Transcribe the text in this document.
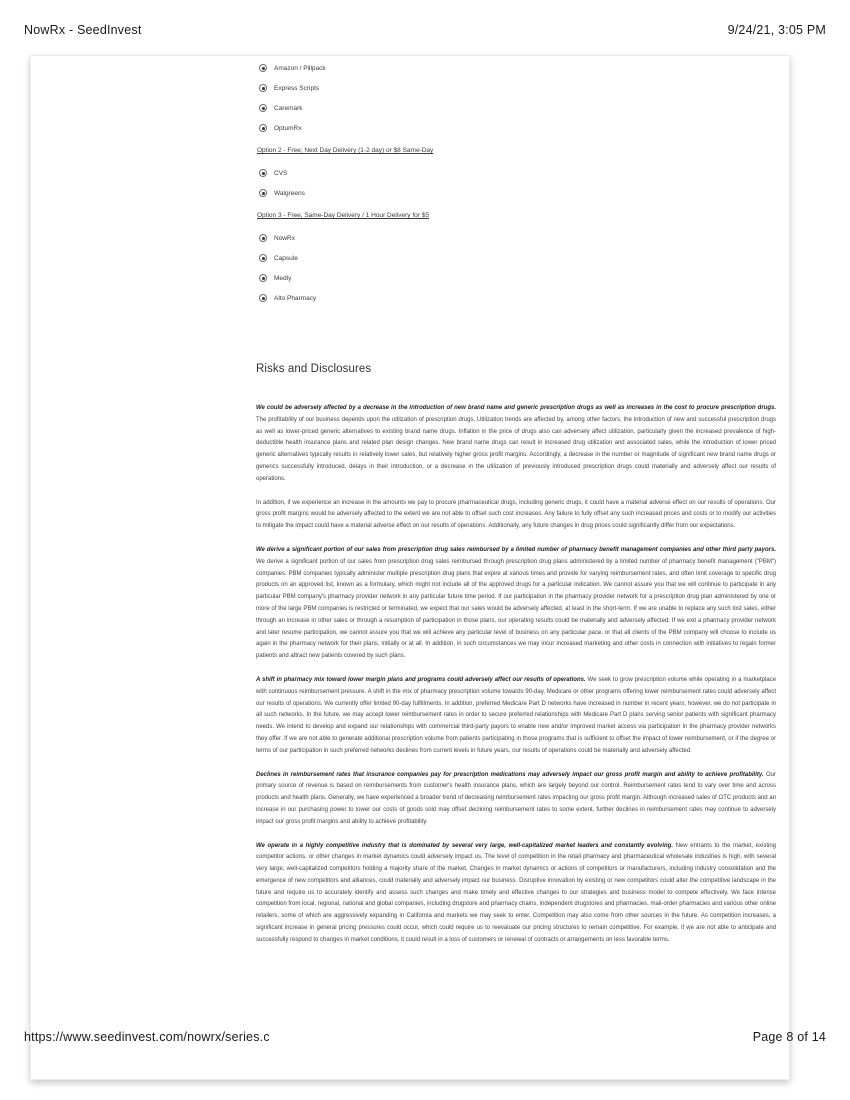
NowRx - SeedInvest	9/24/21, 3:05 PM
Amazon / Pillpack
Express Scripts
Caremark
OptumRx
Option 2 - Free; Next Day Delivery (1-2 day) or $8 Same-Day
CVS
Walgreens
Option 3 - Free, Same-Day Delivery / 1 Hour Delivery for $5
NowRx
Capsule
Medly
Alto Pharmacy
Risks and Disclosures

We could be adversely affected by a decrease in the introduction of new brand name and generic prescription drugs as well as increases in the cost to procure prescription drugs. The profitability of our business depends upon the utilization of prescription drugs. Utilization trends are affected by, among other factors, the introduction of new and successful prescription drugs as well as lower-priced generic alternatives to existing brand name drugs. Inflation in the price of drugs also can adversely affect utilization, particularly given the increased prevalence of high-deductible health insurance plans and related plan design changes. New brand name drugs can result in increased drug utilization and associated sales, while the introduction of lower priced generic alternatives typically results in relatively lower sales, but relatively higher gross profit margins. Accordingly, a decrease in the number or magnitude of significant new brand name drugs or generics successfully introduced, delays in their introduction, or a decrease in the utilization of previously introduced prescription drugs could materially and adversely affect our results of operations.

In addition, if we experience an increase in the amounts we pay to procure pharmaceutical drugs, including generic drugs, it could have a material adverse effect on our results of operations. Our gross profit margins would be adversely affected to the extent we are not able to offset such cost increases. Any failure to fully offset any such increased prices and costs or to modify our activities to mitigate the impact could have a material adverse effect on our results of operations. Additionally, any future changes in drug prices could significantly differ from our expectations.

We derive a significant portion of our sales from prescription drug sales reimbursed by a limited number of pharmacy benefit management companies and other third party payors. We derive a significant portion of our sales from prescription drug sales reimbursed through prescription drug plans administered by a limited number of pharmacy benefit management ("PBM") companies. PBM companies typically administer multiple prescription drug plans that expire at various times and provide for varying reimbursement rates, and often limit coverage to specific drug products on an approved list, known as a formulary, which might not include all of the approved drugs for a particular indication. We cannot assure you that we will continue to participate in any particular PBM company's pharmacy provider network in any particular future time period. If our participation in the pharmacy provider network for a prescription drug plan administered by one or more of the large PBM companies is restricted or terminated, we expect that our sales would be adversely affected, at least in the short-term. If we are unable to replace any such lost sales, either through an increase in other sales or through a resumption of participation in those plans, our operating results could be materially and adversely affected. If we exit a pharmacy provider network and later resume participation, we cannot assure you that we will achieve any particular level of business on any particular pace, or that all clients of the PBM company will choose to include us again in the pharmacy network for their plans, initially or at all. In addition, in such circumstances we may incur increased marketing and other costs in connection with initiatives to regain former patients and attract new patients covered by such plans.

A shift in pharmacy mix toward lower margin plans and programs could adversely affect our results of operations. We seek to grow prescription volume while operating in a marketplace with continuous reimbursement pressure. A shift in the mix of pharmacy prescription volume towards 90-day, Medicare or other programs offering lower reimbursement rates could adversely affect our results of operations. We currently offer limited 90-day fulfillments. In addition, preferred Medicare Part D networks have increased in number in recent years; however, we do not participate in all such networks. In the future, we may accept lower reimbursement rates in order to secure preferred relationships with Medicare Part D plans serving senior patients with significant pharmacy needs. We intend to develop and expand our relationships with commercial third-party payors to enable new and/or improved market access via participation in the pharmacy provider networks they offer. If we are not able to generate additional prescription volume from patients participating in those programs that is sufficient to offset the impact of lower reimbursement, or if the degree or terms of our participation in such preferred networks declines from current levels in future years, our results of operations could be materially and adversely affected.

Declines in reimbursement rates that insurance companies pay for prescription medications may adversely impact our gross profit margin and ability to achieve profitability. Our primary source of revenue is based on reimbursements from customer's health insurance plans, which are largely beyond our control. Reimbursement rates tend to vary over time and across products and health plans. Generally, we have experienced a broader trend of decreasing reimbursement rates impacting our gross profit margin. Although increased sales of OTC products and an increase in our purchasing power to lower our costs of goods sold may offset declining reimbursement rates to some extent, further declines in reimbursement rates may continue to adversely impact our gross profit margins and ability to achieve profitability.

We operate in a highly competitive industry that is dominated by several very large, well-capitalized market leaders and constantly evolving. New entrants to the market, existing competitor actions, or other changes in market dynamics could adversely impact us. The level of competition in the retail pharmacy and pharmaceutical wholesale industries is high, with several very large, well-capitalized competitors holding a majority share of the market. Changes in market dynamics or actions of competitors or manufacturers, including industry consolidation and the emergence of new competitors and alliances, could materially and adversely impact our business. Disruptive innovation by existing or new competitors could alter the competitive landscape in the future and require us to accurately identify and assess such changes and make timely and effective changes to our strategies and business model to compete effectively. We face intense competition from local, regional, national and global companies, including drugstore and pharmacy chains, independent drugstores and pharmacies, mail-order pharmacies and various other online retailers, some of which are aggressively expanding in California and markets we may seek to enter. Competition may also come from other sources in the future. As competition increases, a significant increase in general pricing pressures could occur, which could require us to reevaluate our pricing structures to remain competitive. For example, if we are not able to anticipate and successfully respond to changes in market conditions, it could result in a loss of customers or renewal of contracts or arrangements on less favorable terms.

https://www.seedinvest.com/nowrx/series.c	Page 8 of 14
